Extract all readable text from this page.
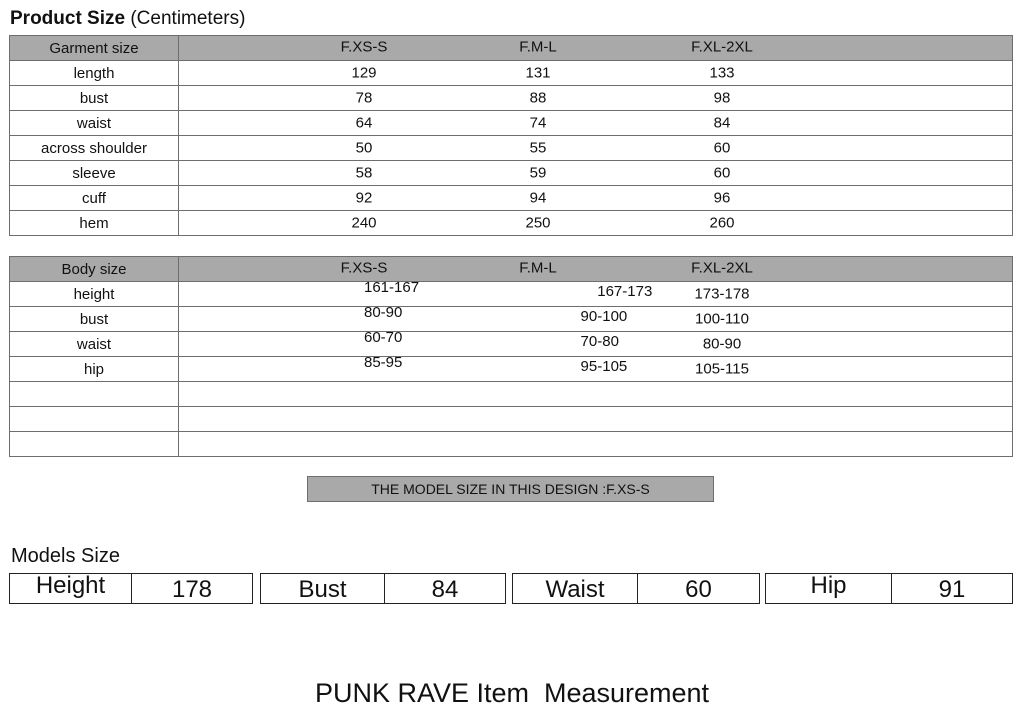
Product Size (Centimeters)
Garment size	F.XS-S F.M-L F.XL-2XL

length	129 131 133

bust	78 88 98

waist	64 74 84

across shoulder	50 55 60

sleeve	58 59 60

cuff	92 94 96

hem	240 250 260
Body size	F.XS-S F.M-L F.XL-2XL

height	161-167 167-173 173-178

bust	80-90 90-100 100-110

waist	60-70 70-80 80-90

hip	85-95 95-105 105-115

THE MODEL SIZE IN THIS DESIGN :F.XS-S
Models Size
Height	178	Bust	84	Waist	60	Hip	91
PUNK RAVE Item  Measurement
